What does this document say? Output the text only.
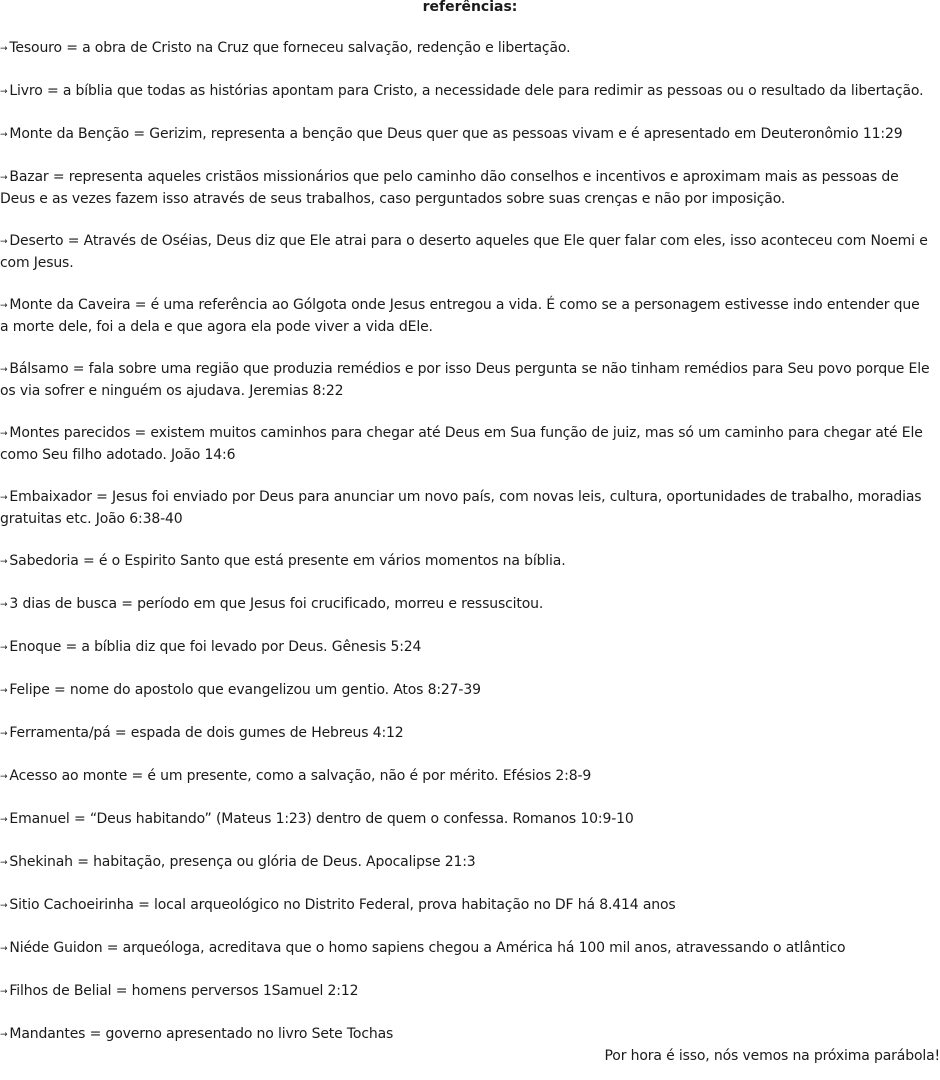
referências:
→ Tesouro = a obra de Cristo na Cruz que forneceu salvação, redenção e libertação.
→ Livro = a bíblia que todas as histórias apontam para Cristo, a necessidade dele para redimir as pessoas ou o resultado da libertação.
→ Monte da Benção = Gerizim, representa a benção que Deus quer que as pessoas vivam e é apresentado em Deuteronômio 11:29
→ Bazar = representa aqueles cristãos missionários que pelo caminho dão conselhos e incentivos e aproximam mais as pessoas de Deus e as vezes fazem isso através de seus trabalhos, caso perguntados sobre suas crenças e não por imposição.
→ Deserto = Através de Oséias, Deus diz que Ele atrai para o deserto aqueles que Ele quer falar com eles, isso aconteceu com Noemi e com Jesus.
→ Monte da Caveira = é uma referência ao Gólgota onde Jesus entregou a vida. É como se a personagem estivesse indo entender que a morte dele, foi a dela e que agora ela pode viver a vida dEle.
→ Bálsamo = fala sobre uma região que produzia remédios e por isso Deus pergunta se não tinham remédios para Seu povo porque Ele os via sofrer e ninguém os ajudava. Jeremias 8:22
→ Montes parecidos = existem muitos caminhos para chegar até Deus em Sua função de juiz, mas só um caminho para chegar até Ele como Seu filho adotado. João 14:6
→ Embaixador = Jesus foi enviado por Deus para anunciar um novo país, com novas leis, cultura, oportunidades de trabalho, moradias gratuitas etc. João 6:38-40
→ Sabedoria = é o Espirito Santo que está presente em vários momentos na bíblia.
→ 3 dias de busca = período em que Jesus foi crucificado, morreu e ressuscitou.
→ Enoque = a bíblia diz que foi levado por Deus. Gênesis 5:24
→ Felipe = nome do apostolo que evangelizou um gentio. Atos 8:27-39
→ Ferramenta/pá = espada de dois gumes de Hebreus 4:12
→ Acesso ao monte = é um presente, como a salvação, não é por mérito. Efésios 2:8-9
→ Emanuel = “Deus habitando” (Mateus 1:23) dentro de quem o confessa. Romanos 10:9-10
→ Shekinah = habitação, presença ou glória de Deus. Apocalipse 21:3
→ Sitio Cachoeirinha = local arqueológico no Distrito Federal, prova habitação no DF há 8.414 anos
→ Niéde Guidon = arqueóloga, acreditava que o homo sapiens chegou a América há 100 mil anos, atravessando o atlântico
→ Filhos de Belial = homens perversos 1Samuel 2:12
→ Mandantes = governo apresentado no livro Sete Tochas
Por hora é isso, nós vemos na próxima parábola!
